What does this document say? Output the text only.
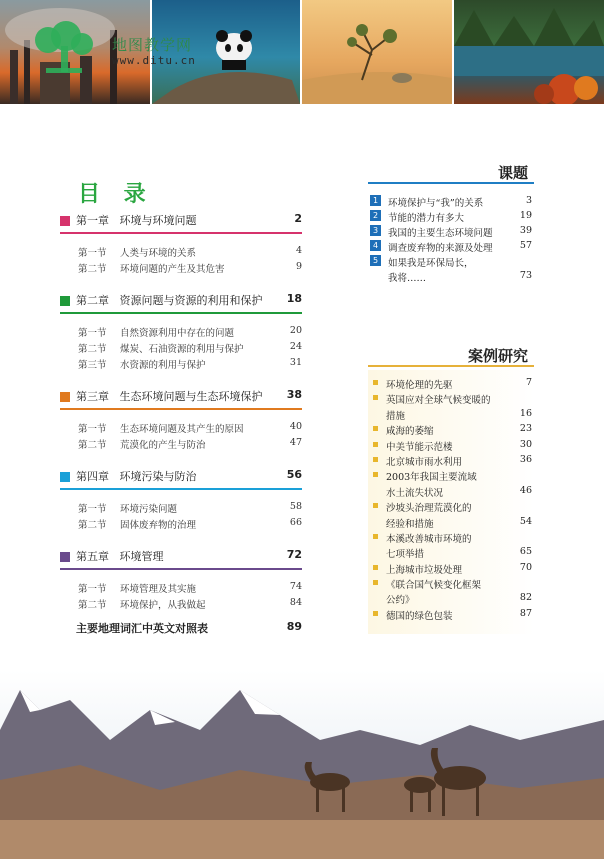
地图教学网
www.ditu.cn
目 录
第一章 环境与环境问题	2
第一节 人类与环境的关系	4
第二节 环境问题的产生及其危害	9
第二章 资源问题与资源的利用和保护 18
第一节 自然资源利用中存在的问题	20
第二节 煤炭、石油资源的利用与保护	24
第三节 水资源的利用与保护	31
第三章 生态环境问题与生态环境保护 38
第一节 生态环境问题及其产生的原因	40
第二节 荒漠化的产生与防治	47
第四章 环境污染与防治	56
第一节 环境污染问题	58
第二节 固体废弃物的治理	66
第五章 环境管理	72
第一节 环境管理及其实施	74
第二节 环境保护，从我做起	84
主要地理词汇中英文对照表	89
课题
1	环境保护与“我”的关系	3
2	节能的潜力有多大	19
3	我国的主要生态环境问题	39
4	调查废弃物的来源及处理	57
5	如果我是环保局长，
我将……	73
案例研究
环境伦理的先驱	7
英国应对全球气候变暖的
措施	16
咸海的萎缩	23
中美节能示范楼	30
北京城市雨水利用	36
2003年我国主要流域
水土流失状况	46
沙坡头治理荒漠化的
经验和措施	54
本溪改善城市环境的
七项举措	65
上海城市垃圾处理	70
《联合国气候变化框架
公约》	82
德国的绿色包装	87
